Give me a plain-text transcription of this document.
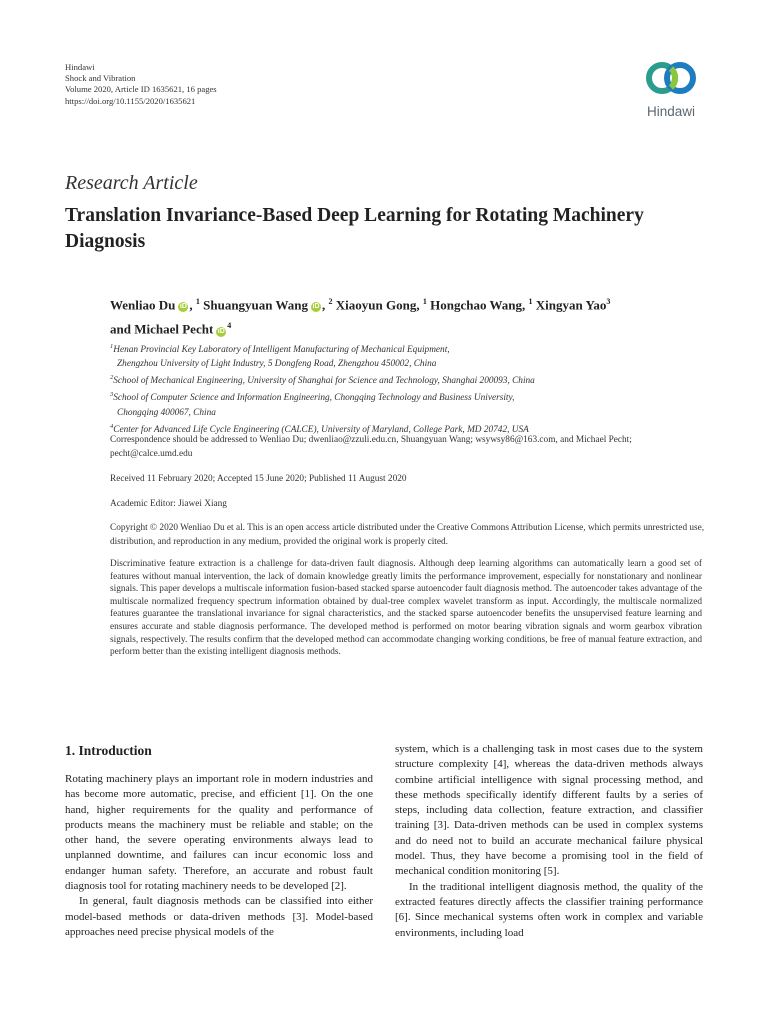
Hindawi
Shock and Vibration
Volume 2020, Article ID 1635621, 16 pages
https://doi.org/10.1155/2020/1635621
Hindawi
Research Article
Translation Invariance-Based Deep Learning for Rotating Machinery Diagnosis
Wenliao Du iD , $^1$ Shuangyuan Wang iD , $^2$ Xiaoyun Gong, $^1$ Hongchao Wang, $^1$ Xingyan Yao$^3$
and Michael Pecht $iD^4$
$^1$Henan Provincial Key Laboratory of Intelligent Manufacturing of Mechanical Equipment,
Zhengzhou University of Light Industry, 5 Dongfeng Road, Zhengzhou 450002, China
$^2$School of Mechanical Engineering, University of Shanghai for Science and Technology, Shanghai 200093, China
$^3$School of Computer Science and Information Engineering, Chongqing Technology and Business University,
Chongqing 400067, China
$^4$Center for Advanced Life Cycle Engineering (CALCE), University of Maryland, College Park, MD 20742, USA
Correspondence should be addressed to Wenliao Du; dwenliao@zzuli.edu.cn, Shuangyuan Wang; wsywsy86@163.com, and Michael Pecht; pecht@calce.umd.edu
Received 11 February 2020; Accepted 15 June 2020; Published 11 August 2020
Academic Editor: Jiawei Xiang
Copyright © 2020 Wenliao Du et al. This is an open access article distributed under the Creative Commons Attribution License, which permits unrestricted use, distribution, and reproduction in any medium, provided the original work is properly cited.
Discriminative feature extraction is a challenge for data-driven fault diagnosis. Although deep learning algorithms can automatically learn a good set of features without manual intervention, the lack of domain knowledge greatly limits the performance improvement, especially for nonstationary and nonlinear signals. This paper develops a multiscale information fusion-based stacked sparse autoencoder fault diagnosis method. The autoencoder takes advantage of the multiscale normalized frequency spectrum information obtained by dual-tree complex wavelet transform as input. Accordingly, the multiscale normalized features guarantee the translational invariance for signal characteristics, and the stacked sparse autoencoder benefits the unsupervised feature learning and ensures accurate and stable diagnosis performance. The developed method is performed on motor bearing vibration signals and worm gearbox vibration signals, respectively. The results confirm that the developed method can accommodate changing working conditions, be free of manual feature extraction, and perform better than the existing intelligent diagnosis methods.
1. Introduction

Rotating machinery plays an important role in modern industries and has become more automatic, precise, and efficient [1]. On the one hand, higher requirements for the quality and performance of products means the machinery must be reliable and stable; on the other hand, the severe operating environments always lead to unplanned downtime, and failures can incur economic loss and endanger human safety. Therefore, an accurate and robust fault diagnosis tool for rotating machinery needs to be developed [2].

In general, fault diagnosis methods can be classified into either model-based methods or data-driven methods [3]. Model-based approaches need precise physical models of the

system, which is a challenging task in most cases due to the system structure complexity [4], whereas the data-driven methods always combine artificial intelligence with signal processing method, and these methods specifically identify different faults by a series of steps, including data collection, feature extraction, and classifier training [3]. Data-driven methods can be used in complex systems and do need not to build an accurate mechanical failure physical model. Thus, they have become a promising tool in the field of mechanical condition monitoring [5].

In the traditional intelligent diagnosis method, the quality of the extracted features directly affects the classifier training performance [6]. Since mechanical systems often work in complex and variable environments, including load
